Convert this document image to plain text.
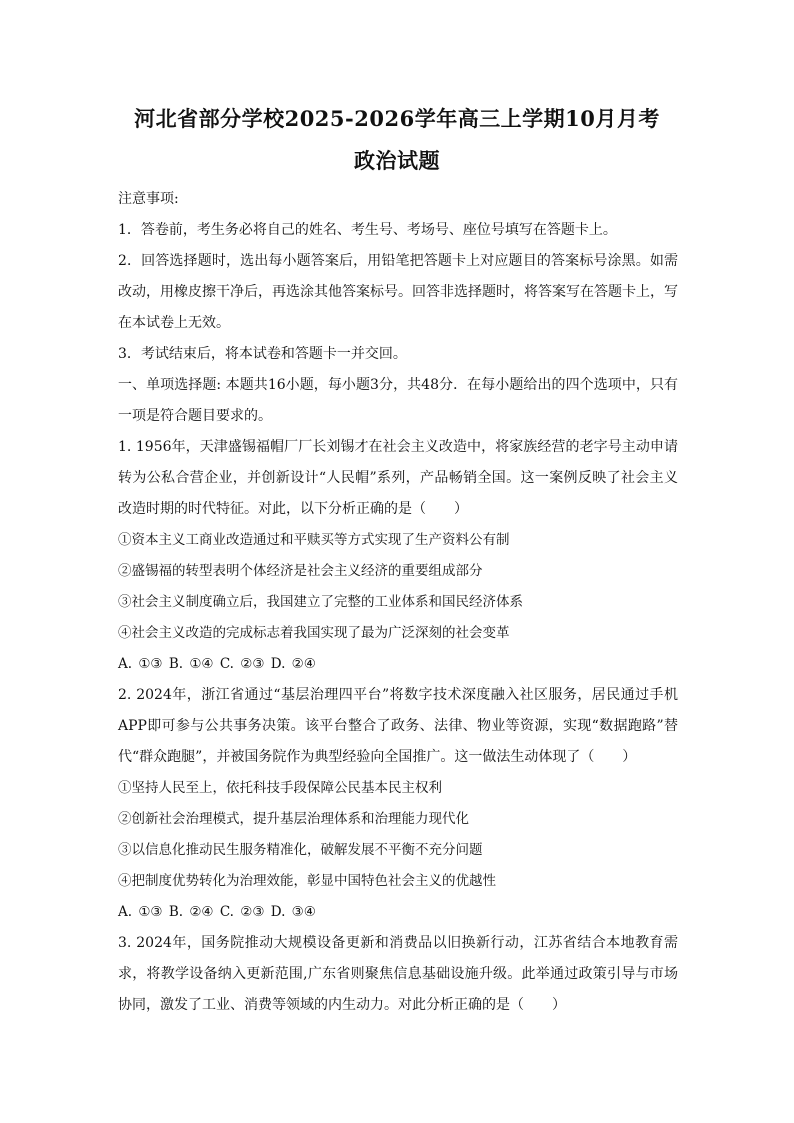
河北省部分学校2025-2026学年高三上学期10月月考
政治试题

注意事项:

1．答卷前，考生务必将自己的姓名、考生号、考场号、座位号填写在答题卡上。

2．回答选择题时，选出每小题答案后，用铅笔把答题卡上对应题目的答案标号涂黑。如需改动，用橡皮擦干净后，再选涂其他答案标号。回答非选择题时，将答案写在答题卡上，写在本试卷上无效。

3．考试结束后，将本试卷和答题卡一并交回。

一、单项选择题: 本题共16小题，每小题3分，共48分．在每小题给出的四个选项中，只有一项是符合题目要求的。

1. 1956年，天津盛锡福帽厂厂长刘锡才在社会主义改造中，将家族经营的老字号主动申请转为公私合营企业，并创新设计“人民帽”系列，产品畅销全国。这一案例反映了社会主义改造时期的时代特征。对此，以下分析正确的是（　　）

①资本主义工商业改造通过和平赎买等方式实现了生产资料公有制

②盛锡福的转型表明个体经济是社会主义经济的重要组成部分

③社会主义制度确立后，我国建立了完整的工业体系和国民经济体系

④社会主义改造的完成标志着我国实现了最为广泛深刻的社会变革

A. ①③ B. ①④ C. ②③ D. ②④

2. 2024年，浙江省通过“基层治理四平台”将数字技术深度融入社区服务，居民通过手机APP即可参与公共事务决策。该平台整合了政务、法律、物业等资源，实现“数据跑路”替代“群众跑腿”，并被国务院作为典型经验向全国推广。这一做法生动体现了（　　）

①坚持人民至上，依托科技手段保障公民基本民主权利

②创新社会治理模式，提升基层治理体系和治理能力现代化

③以信息化推动民生服务精准化，破解发展不平衡不充分问题

④把制度优势转化为治理效能，彰显中国特色社会主义的优越性

A. ①③ B. ②④ C. ②③ D. ③④

3. 2024年，国务院推动大规模设备更新和消费品以旧换新行动，江苏省结合本地教育需求，将教学设备纳入更新范围,广东省则聚焦信息基础设施升级。此举通过政策引导与市场协同，激发了工业、消费等领域的内生动力。对此分析正确的是（　　）
